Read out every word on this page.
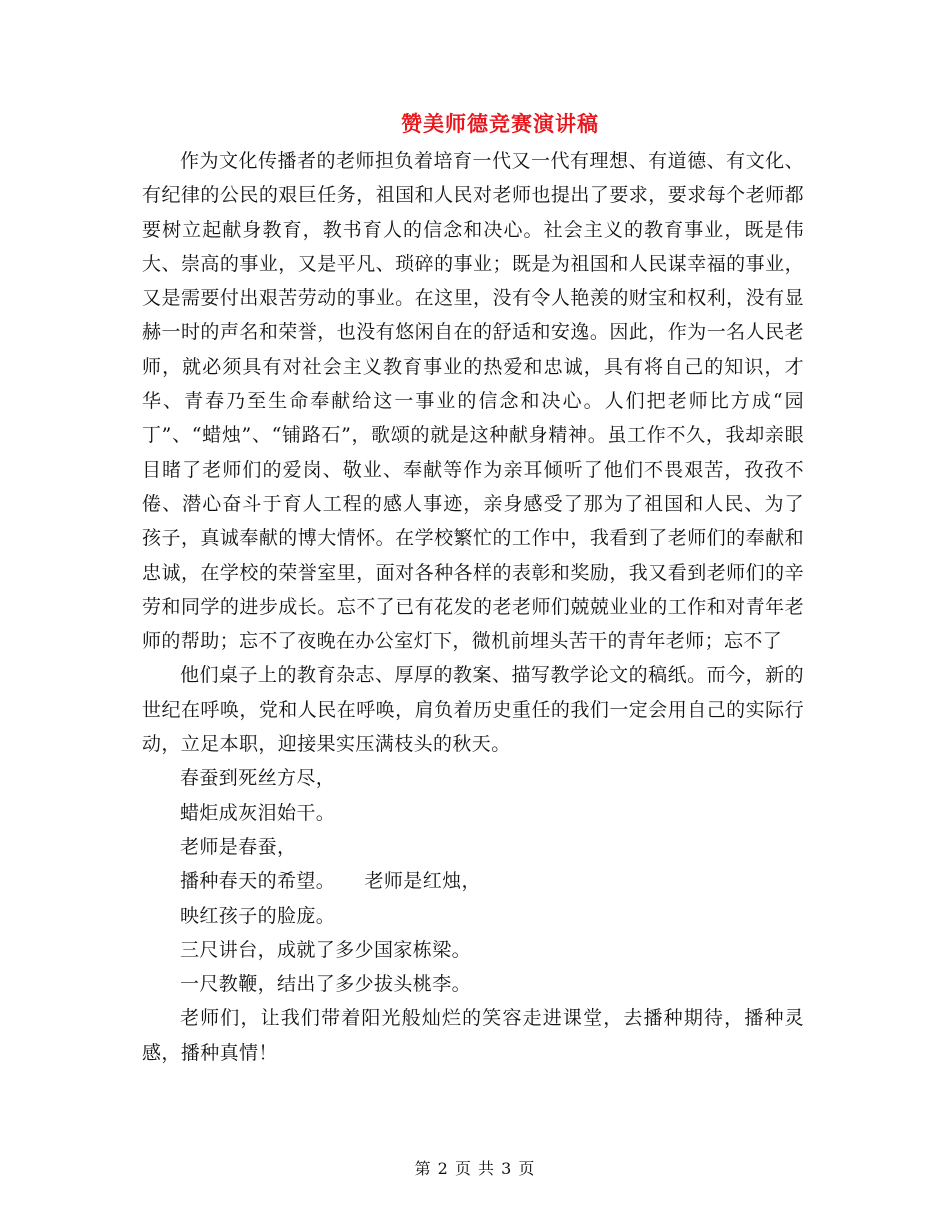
赞美师德竞赛演讲稿

作为文化传播者的老师担负着培育一代又一代有理想、有道德、有文化、有纪律的公民的艰巨任务，祖国和人民对老师也提出了要求，要求每个老师都要树立起献身教育，教书育人的信念和决心。社会主义的教育事业，既是伟大、崇高的事业，又是平凡、琐碎的事业；既是为祖国和人民谋幸福的事业，又是需要付出艰苦劳动的事业。在这里，没有令人艳羡的财宝和权利，没有显赫一时的声名和荣誉，也没有悠闲自在的舒适和安逸。因此，作为一名人民老师，就必须具有对社会主义教育事业的热爱和忠诚，具有将自己的知识，才华、青春乃至生命奉献给这一事业的信念和决心。人们把老师比方成“园丁”、“蜡烛”、“铺路石”，歌颂的就是这种献身精神。虽工作不久，我却亲眼目睹了老师们的爱岗、敬业、奉献等作为亲耳倾听了他们不畏艰苦，孜孜不倦、潜心奋斗于育人工程的感人事迹，亲身感受了那为了祖国和人民、为了 孩子，真诚奉献的博大情怀。在学校繁忙的工作中，我看到了老师们的奉献和忠诚，在学校的荣誉室里，面对各种各样的表彰和奖励，我又看到老师们的辛劳和同学的进步成长。忘不了已有花发的老老师们兢兢业业的工作和对青年老师的帮助；忘不了夜晚在办公室灯下，微机前埋头苦干的青年老师；忘不了

他们桌子上的教育杂志、厚厚的教案、描写教学论文的稿纸。而今，新的世纪在呼唤，党和人民在呼唤，肩负着历史重任的我们一定会用自己的实际行动，立足本职，迎接果实压满枝头的秋天。

春蚕到死丝方尽，

蜡炬成灰泪始干。

老师是春蚕，

播种春天的希望。　　老师是红烛，

映红孩子的脸庞。

三尺讲台，成就了多少国家栋梁。

一尺教鞭，结出了多少拔头桃李。

老师们，让我们带着阳光般灿烂的笑容走进课堂，去播种期待，播种灵感，播种真情！

第 2 页 共 3 页
